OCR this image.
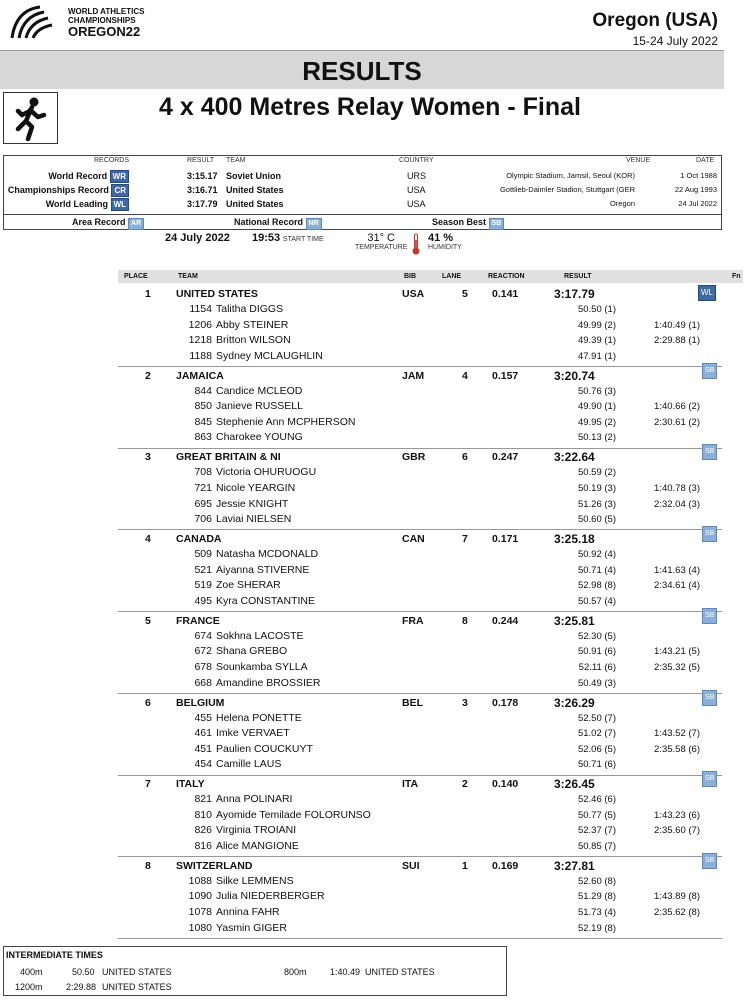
WORLD ATHLETICS
CHAMPIONSHIPS
OREGON22
Oregon (USA)
15-24 July 2022
RESULTS
4 x 400 Metres Relay Women - Final
RECORDS	RESULT TEAM	COUNTRY	VENUE	DATE
World Record WR	3:15.17 Soviet Union	URS	Olympic Stadium, Jamsil, Seoul (KOR)	1 Oct 1988
Championships Record CR	3:16.71 United States	USA	Gottlieb-Daimler Stadion, Stuttgart (GER	22 Aug 1993
World Leading WL	3:17.79 United States	USA	Oregon	24 Jul 2022
Area Record AR	National Record NR	Season Best SB
24 July 2022 19:53 START TIME	31° C
TEMPERATURE
41 %
HUMIDITY
PLACE	TEAM	BIB	LANE	REACTION	RESULT	Fn
1 UNITED STATES	USA	5 0.141	3:17.79	WL
1154 Talitha DIGGS	50.50 (1)
1206 Abby STEINER	49.99 (2)	1:40.49 (1)
1218 Britton WILSON	49.39 (1)	2:29.88 (1)
1188 Sydney MCLAUGHLIN	47.91 (1)
2 JAMAICA	JAM	4 0.157	3:20.74	SB
844 Candice MCLEOD	50.76 (3)
850 Janieve RUSSELL	49.90 (1)	1:40.66 (2)
845 Stephenie Ann MCPHERSON	49.95 (2)	2:30.61 (2)
863 Charokee YOUNG	50.13 (2)
3 GREAT BRITAIN & NI	GBR	6 0.247	3:22.64	SB
708 Victoria OHURUOGU	50.59 (2)
721 Nicole YEARGIN	50.19 (3)	1:40.78 (3)
695 Jessie KNIGHT	51.26 (3)	2:32.04 (3)
706 Laviai NIELSEN	50.60 (5)
4 CANADA	CAN	7 0.171	3:25.18	SB
509 Natasha MCDONALD	50.92 (4)
521 Aiyanna STIVERNE	50.71 (4)	1:41.63 (4)
519 Zoe SHERAR	52.98 (8)	2:34.61 (4)
495 Kyra CONSTANTINE	50.57 (4)
5 FRANCE	FRA	8 0.244	3:25.81	SB
674 Sokhna LACOSTE	52.30 (5)
672 Shana GREBO	50.91 (6)	1:43.21 (5)
678 Sounkamba SYLLA	52.11 (6)	2:35.32 (5)
668 Amandine BROSSIER	50.49 (3)
6 BELGIUM	BEL	3 0.178	3:26.29	SB
455 Helena PONETTE	52.50 (7)
461 Imke VERVAET	51.02 (7)	1:43.52 (7)
451 Paulien COUCKUYT	52.06 (5)	2:35.58 (6)
454 Camille LAUS	50.71 (6)
7 ITALY	ITA	2 0.140	3:26.45	SB
821 Anna POLINARI	52.46 (6)
810 Ayomide Temilade FOLORUNSO	50.77 (5)	1:43.23 (6)
826 Virginia TROIANI	52.37 (7)	2:35.60 (7)
816 Alice MANGIONE	50.85 (7)
8 SWITZERLAND	SUI	1 0.169	3:27.81	SB
1088 Silke LEMMENS	52.60 (8)
1090 Julia NIEDERBERGER	51.29 (8)	1:43.89 (8)
1078 Annina FAHR	51.73 (4)	2:35.62 (8)
1080 Yasmin GIGER	52.19 (8)
INTERMEDIATE TIMES
400m	50.50 UNITED STATES	800m	1:40.49 UNITED STATES
1200m	2:29.88 UNITED STATES
